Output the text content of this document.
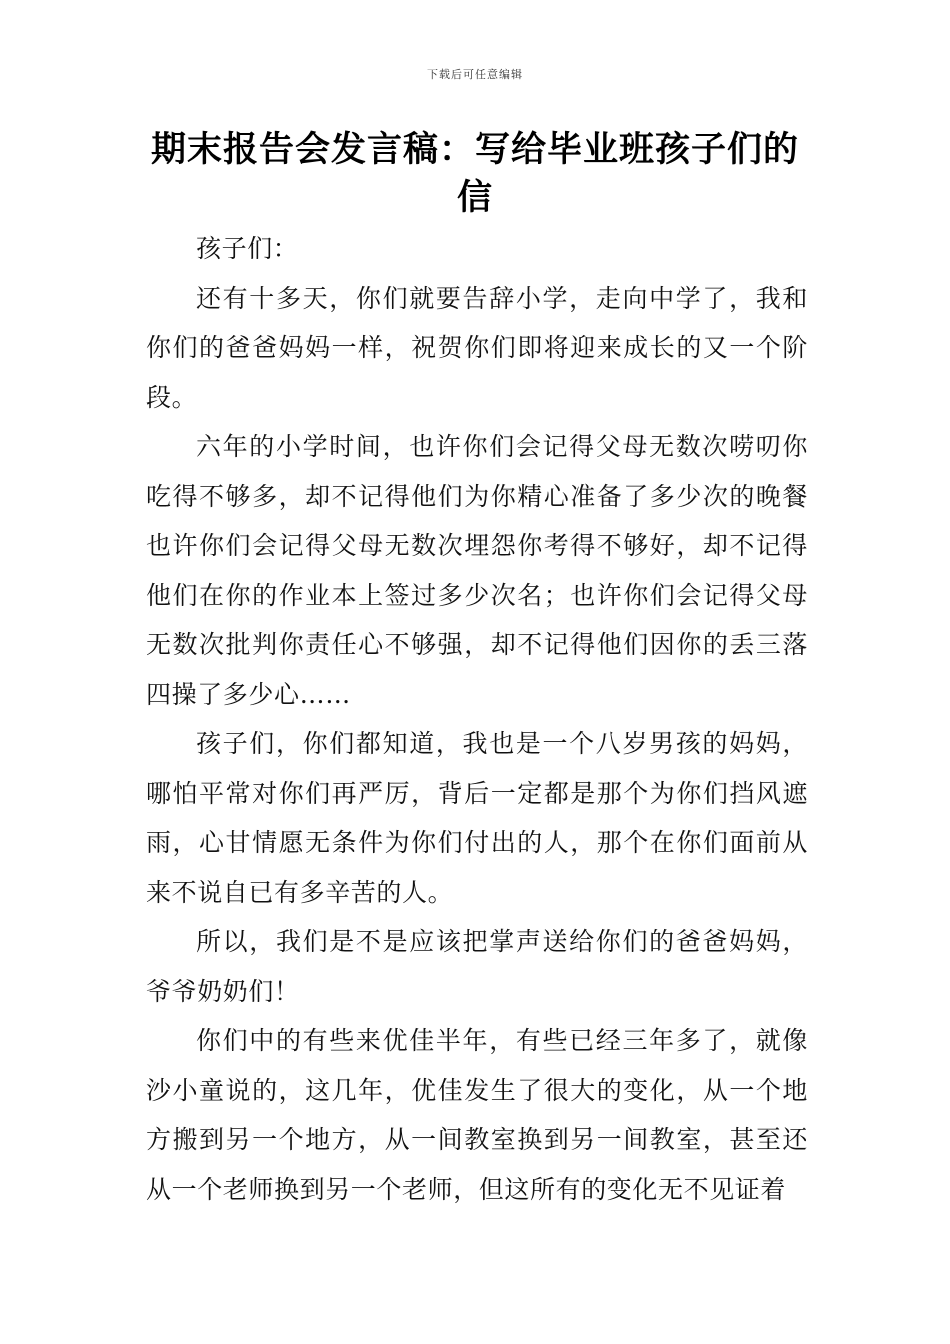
下载后可任意编辑
期末报告会发言稿：写给毕业班孩子们的信

孩子们：

还有十多天，你们就要告辞小学，走向中学了，我和你们的爸爸妈妈一样，祝贺你们即将迎来成长的又一个阶段。

六年的小学时间，也许你们会记得父母无数次唠叨你吃得不够多，却不记得他们为你精心准备了多少次的晚餐也许你们会记得父母无数次埋怨你考得不够好，却不记得他们在你的作业本上签过多少次名；也许你们会记得父母无数次批判你责任心不够强，却不记得他们因你的丢三落四操了多少心……

孩子们，你们都知道，我也是一个八岁男孩的妈妈，哪怕平常对你们再严厉，背后一定都是那个为你们挡风遮雨，心甘情愿无条件为你们付出的人，那个在你们面前从来不说自已有多辛苦的人。

所以，我们是不是应该把掌声送给你们的爸爸妈妈，爷爷奶奶们！

你们中的有些来优佳半年，有些已经三年多了，就像沙小童说的，这几年，优佳发生了很大的变化，从一个地方搬到另一个地方，从一间教室换到另一间教室，甚至还从一个老师换到另一个老师，但这所有的变化无不见证着
